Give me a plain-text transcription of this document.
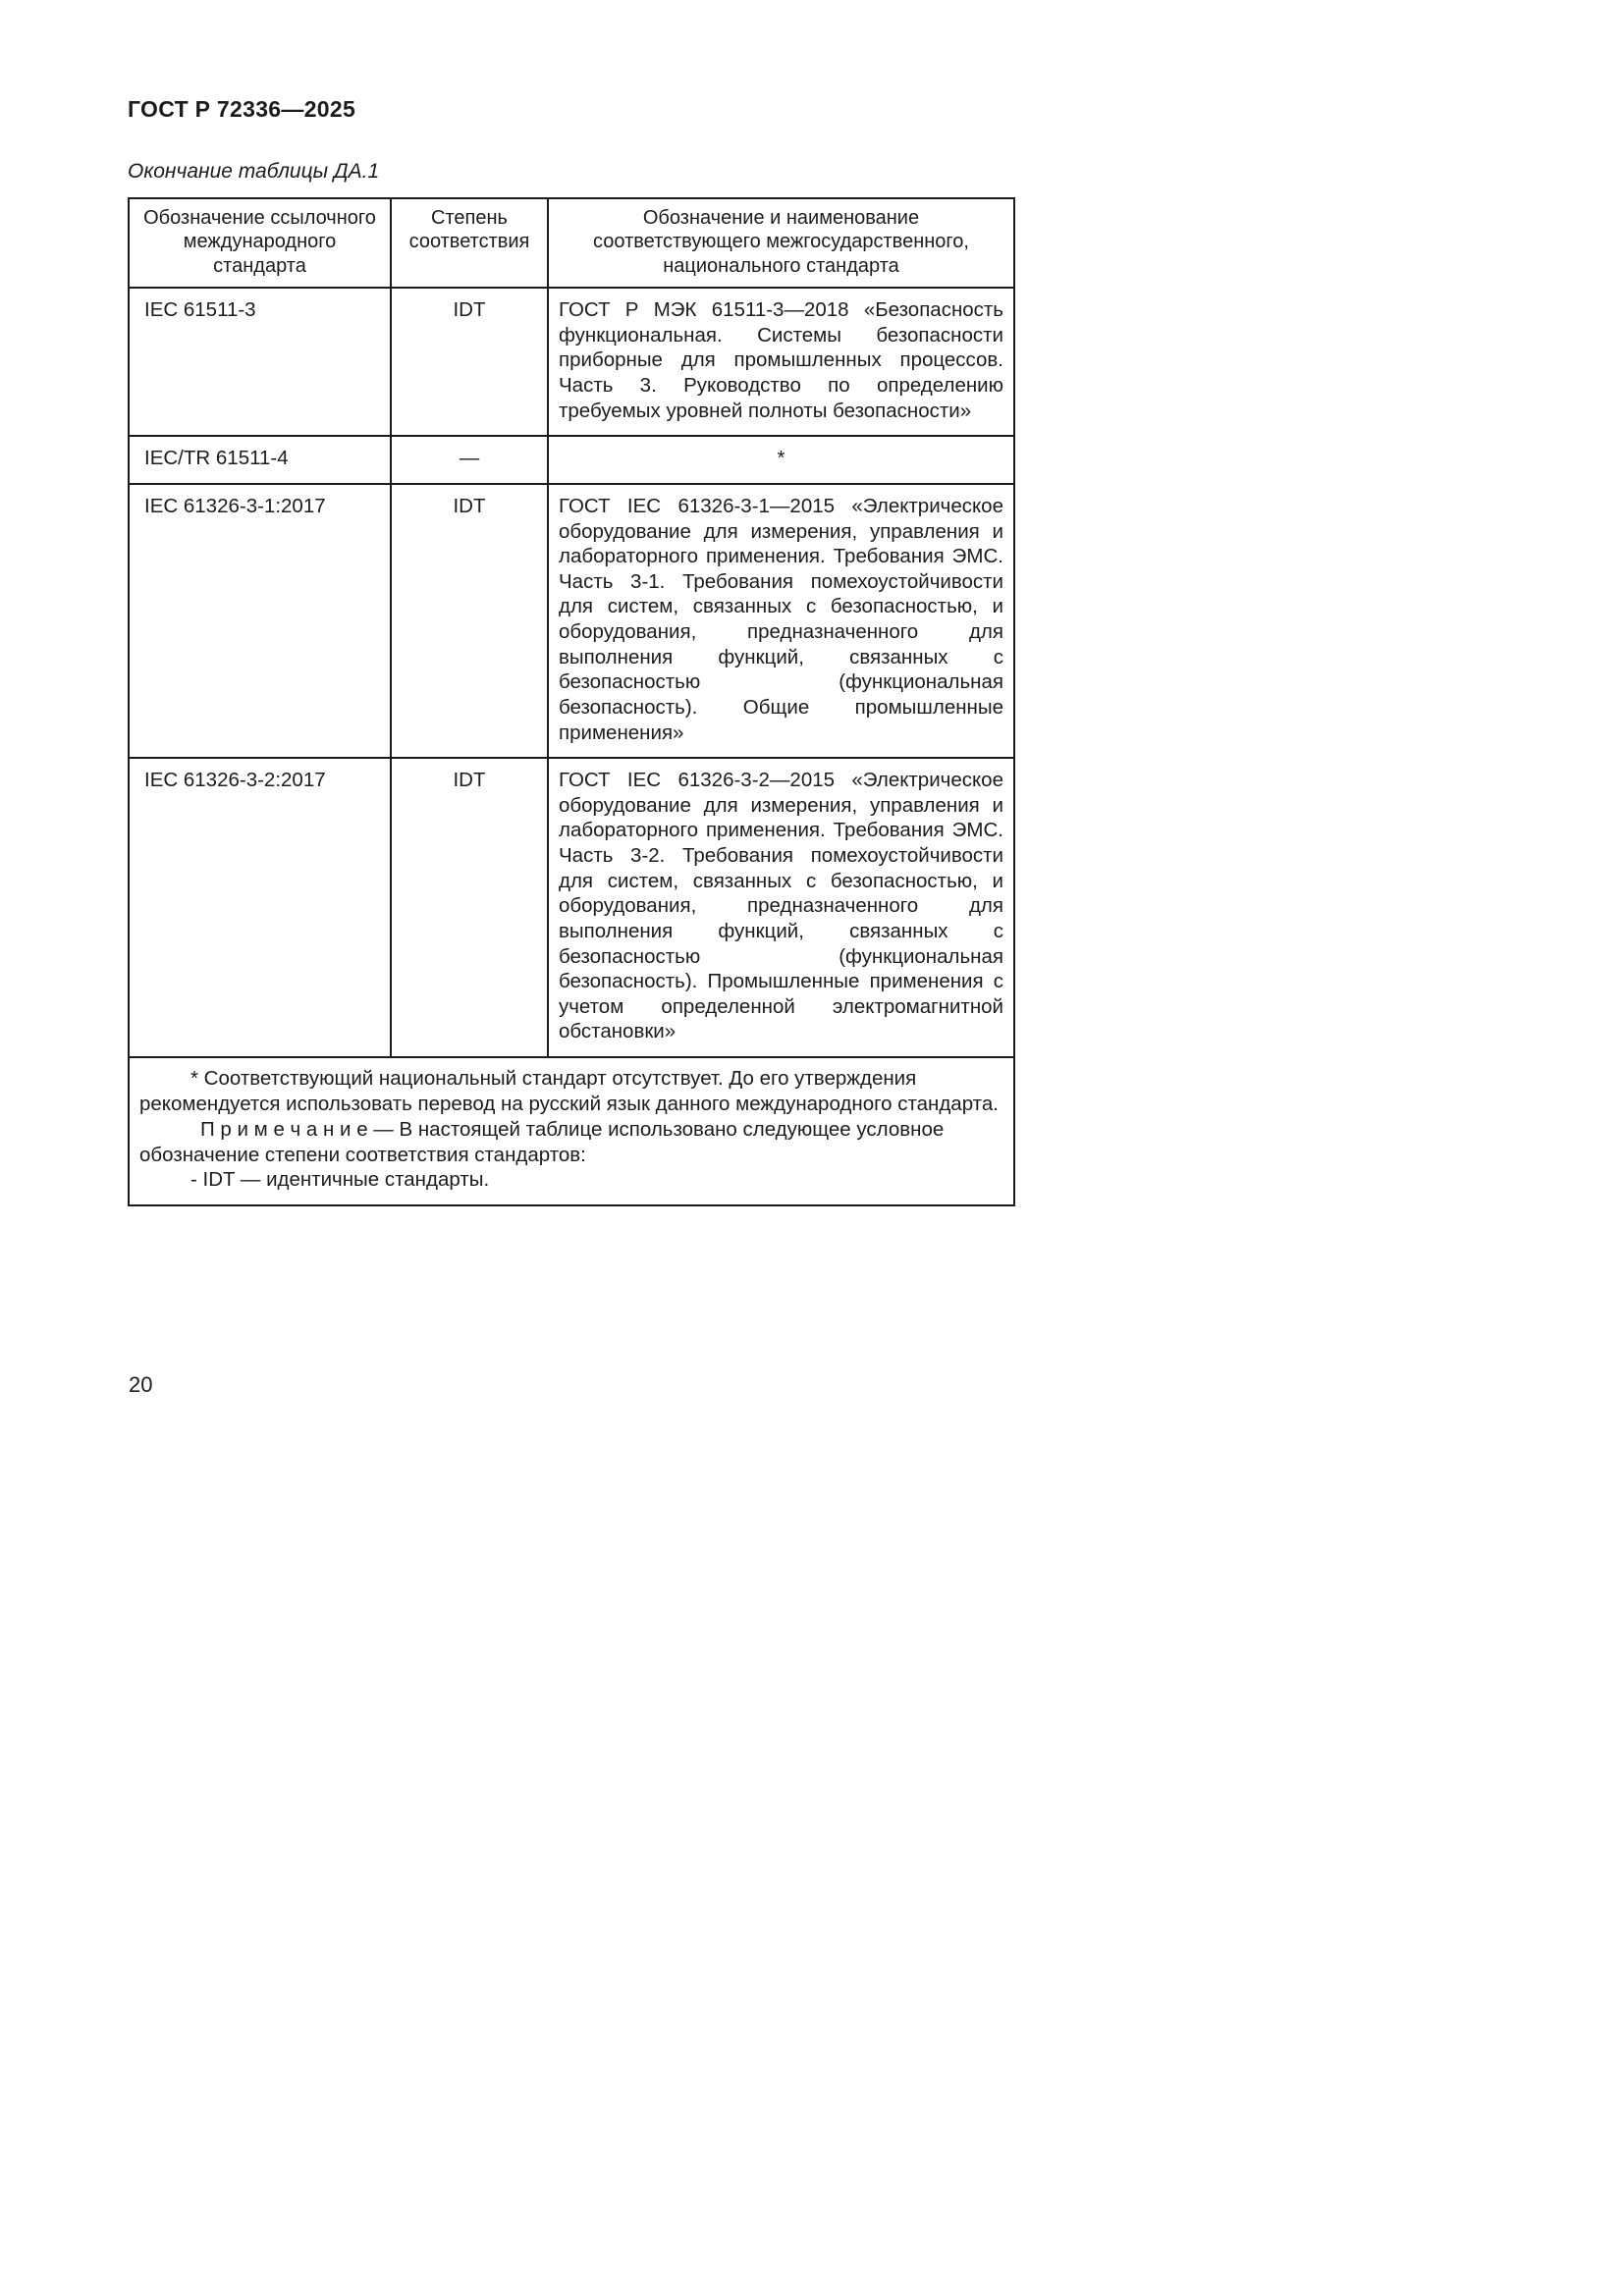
ГОСТ Р 72336—2025
Окончание таблицы ДА.1
Обозначение ссылочного международного стандарта	Степень соответствия	Обозначение и наименование соответствующего межгосударственного, национального стандарта
IEC 61511-3	IDT	ГОСТ Р МЭК 61511-3—2018 «Безопасность функциональная. Системы безопасности приборные для промышленных процессов. Часть 3. Руководство по определению требуемых уровней полноты безопасности»
IEC/TR 61511-4	—	*
IEC 61326-3-1:2017	IDT	ГОСТ IEC 61326-3-1—2015 «Электрическое оборудование для измерения, управления и лабораторного применения. Требования ЭМС. Часть 3-1. Требования помехоустойчивости для систем, связанных с безопасностью, и оборудования, предназначенного для выполнения функций, связанных с безопасностью (функциональная безопасность). Общие промышленные применения»
IEC 61326-3-2:2017	IDT	ГОСТ IEC 61326-3-2—2015 «Электрическое оборудование для измерения, управления и лабораторного применения. Требования ЭМС. Часть 3-2. Требования помехоустойчивости для систем, связанных с безопасностью, и оборудования, предназначенного для выполнения функций, связанных с безопасностью (функциональная безопасность). Промышленные применения с учетом определенной электромагнитной обстановки»

* Соответствующий национальный стандарт отсутствует. До его утверждения рекомендуется использовать перевод на русский язык данного международного стандарта.

П р и м е ч а н и е — В настоящей таблице использовано следующее условное обозначение степени соответствия стандартов:

- IDT — идентичные стандарты.		

20
